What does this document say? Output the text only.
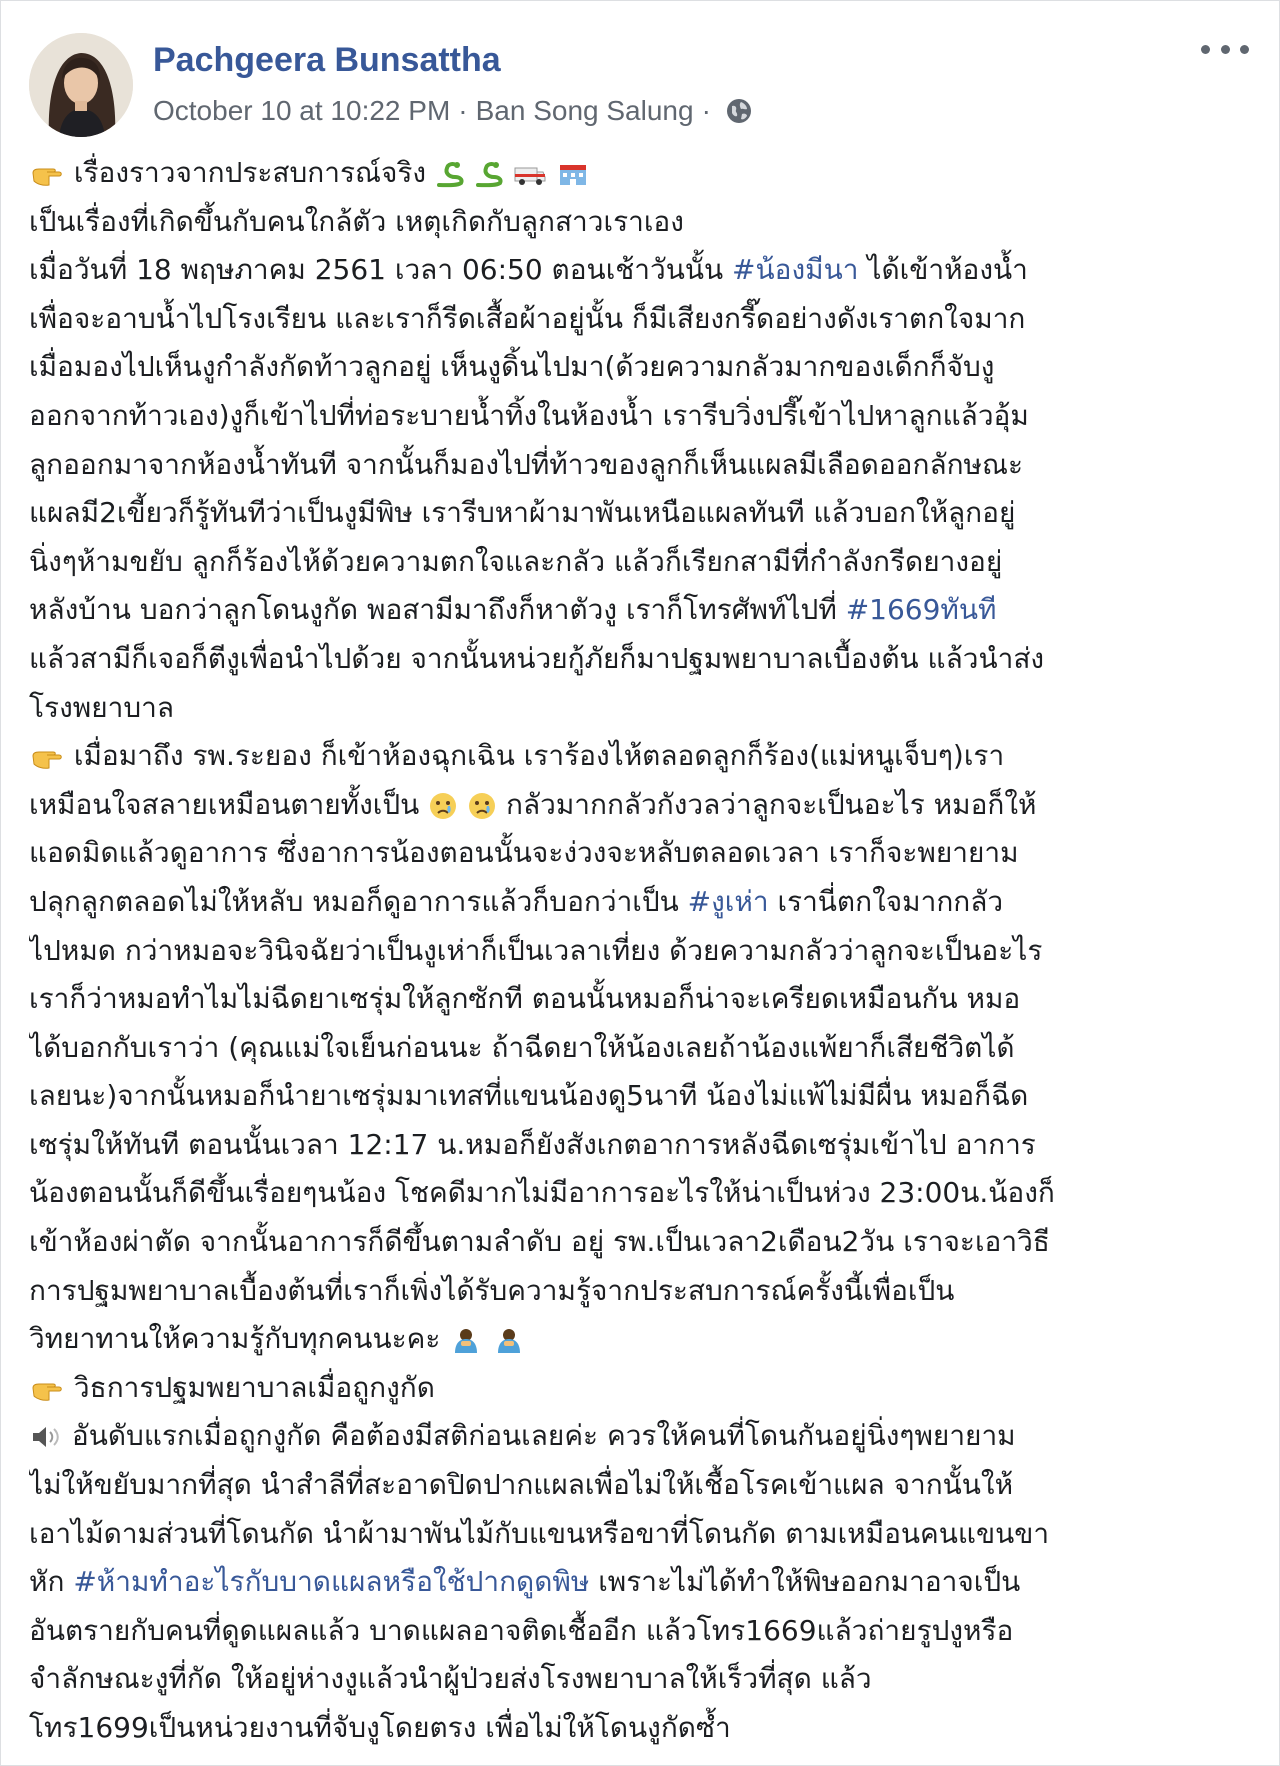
Pachgeera Bunsattha
October 10 at 10:22 PM · Ban Song Salung ·
เรื่องราวจากประสบการณ์จริง
เป็นเรื่องที่เกิดขึ้นกับคนใกล้ตัว เหตุเกิดกับลูกสาวเราเอง
เมื่อวันที่ 18 พฤษภาคม 2561 เวลา 06:50 ตอนเช้าวันนั้น #น้องมีนา ได้เข้าห้องน้ำ
เพื่อจะอาบน้ำไปโรงเรียน และเราก็รีดเสื้อผ้าอยู่นั้น ก็มีเสียงกรี๊ดอย่างดังเราตกใจมาก
เมื่อมองไปเห็นงูกำลังกัดท้าวลูกอยู่ เห็นงูดิ้นไปมา(ด้วยความกลัวมากของเด็กก็จับงู
ออกจากท้าวเอง)งูก็เข้าไปที่ท่อระบายน้ำทิ้งในห้องน้ำ เรารีบวิ่งปรี๊เข้าไปหาลูกแล้วอุ้ม
ลูกออกมาจากห้องน้ำทันที จากนั้นก็มองไปที่ท้าวของลูกก็เห็นแผลมีเลือดออกลักษณะ
แผลมี2เขี้ยวก็รู้ทันทีว่าเป็นงูมีพิษ เรารีบหาผ้ามาพันเหนือแผลทันที แล้วบอกให้ลูกอยู่
นิ่งๆห้ามขยับ ลูกก็ร้องไห้ด้วยความตกใจและกลัว แล้วก็เรียกสามีที่กำลังกรีดยางอยู่
หลังบ้าน บอกว่าลูกโดนงูกัด พอสามีมาถึงก็หาตัวงู เราก็โทรศัพท์ไปที่ #1669ทันที
แล้วสามีก็เจอก็ตีงูเพื่อนำไปด้วย จากนั้นหน่วยกู้ภัยก็มาปฐมพยาบาลเบื้องต้น แล้วนำส่ง
โรงพยาบาล
เมื่อมาถึง รพ.ระยอง ก็เข้าห้องฉุกเฉิน เราร้องไห้ตลอดลูกก็ร้อง(แม่หนูเจ็บๆ)เรา
เหมือนใจสลายเหมือนตายทั้งเป็น	กลัวมากกลัวกังวลว่าลูกจะเป็นอะไร หมอก็ให้
แอดมิดแล้วดูอาการ ซึ่งอาการน้องตอนนั้นจะง่วงจะหลับตลอดเวลา เราก็จะพยายาม
ปลุกลูกตลอดไม่ให้หลับ หมอก็ดูอาการแล้วก็บอกว่าเป็น #งูเห่า เรานี่ตกใจมากกลัว
ไปหมด กว่าหมอจะวินิจฉัยว่าเป็นงูเห่าก็เป็นเวลาเที่ยง ด้วยความกลัวว่าลูกจะเป็นอะไร
เราก็ว่าหมอทำไมไม่ฉีดยาเซรุ่มให้ลูกซักที ตอนนั้นหมอก็น่าจะเครียดเหมือนกัน หมอ
ได้บอกกับเราว่า (คุณแม่ใจเย็นก่อนนะ ถ้าฉีดยาให้น้องเลยถ้าน้องแพ้ยาก็เสียชีวิตได้
เลยนะ)จากนั้นหมอก็นำยาเซรุ่มมาเทสที่แขนน้องดู5นาที น้องไม่แพ้ไม่มีผื่น หมอก็ฉีด
เซรุ่มให้ทันที ตอนนั้นเวลา 12:17 น.หมอก็ยังสังเกตอาการหลังฉีดเซรุ่มเข้าไป อาการ
น้องตอนนั้นก็ดีขึ้นเรื่อยๆนน้อง โชคดีมากไม่มีอาการอะไรให้น่าเป็นห่วง 23:00น.น้องก็
เข้าห้องผ่าตัด จากนั้นอาการก็ดีขึ้นตามลำดับ อยู่ รพ.เป็นเวลา2เดือน2วัน เราจะเอาวิธี
การปฐมพยาบาลเบื้องต้นที่เราก็เพิ่งได้รับความรู้จากประสบการณ์ครั้งนี้เพื่อเป็น
วิทยาทานให้ความรู้กับทุกคนนะคะ
วิธการปฐมพยาบาลเมื่อถูกงูกัด
อันดับแรกเมื่อถูกงูกัด คือต้องมีสติก่อนเลยค่ะ ควรให้คนที่โดนกันอยู่นิ่งๆพยายาม
ไม่ให้ขยับมากที่สุด นำสำลีที่สะอาดปิดปากแผลเพื่อไม่ให้เชื้อโรคเข้าแผล จากนั้นให้
เอาไม้ดามส่วนที่โดนกัด นำผ้ามาพันไม้กับแขนหรือขาที่โดนกัด ตามเหมือนคนแขนขา
หัก #ห้ามทำอะไรกับบาดแผลหรือใช้ปากดูดพิษ เพราะไม่ได้ทำให้พิษออกมาอาจเป็น
อันตรายกับคนที่ดูดแผลแล้ว บาดแผลอาจติดเชื้ออีก แล้วโทร1669แล้วถ่ายรูปงูหรือ
จำลักษณะงูที่กัด ให้อยู่ห่างงูแล้วนำผู้ป่วยส่งโรงพยาบาลให้เร็วที่สุด แล้ว
โทร1699เป็นหน่วยงานที่จับงูโดยตรง เพื่อไม่ให้โดนงูกัดซ้ำ
